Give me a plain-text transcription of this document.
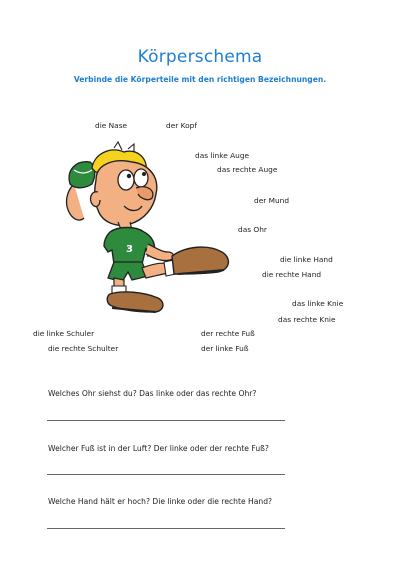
Körperschema
Verbinde die Körperteile mit den richtigen Bezeichnungen.
die Nase	der Kopf
das linke Auge
das rechte Auge
der Mund
das Ohr
die linke Hand
die rechte Hand
das linke Knie
das rechte Knie
die linke Schuler	der rechte Fuß
die rechte Schulter	der linke Fuß
3
Welches Ohr siehst du? Das linke oder das rechte Ohr?
Welcher Fuß ist in der Luft? Der linke oder der rechte Fuß?
Welche Hand hält er hoch? Die linke oder die rechte Hand?
